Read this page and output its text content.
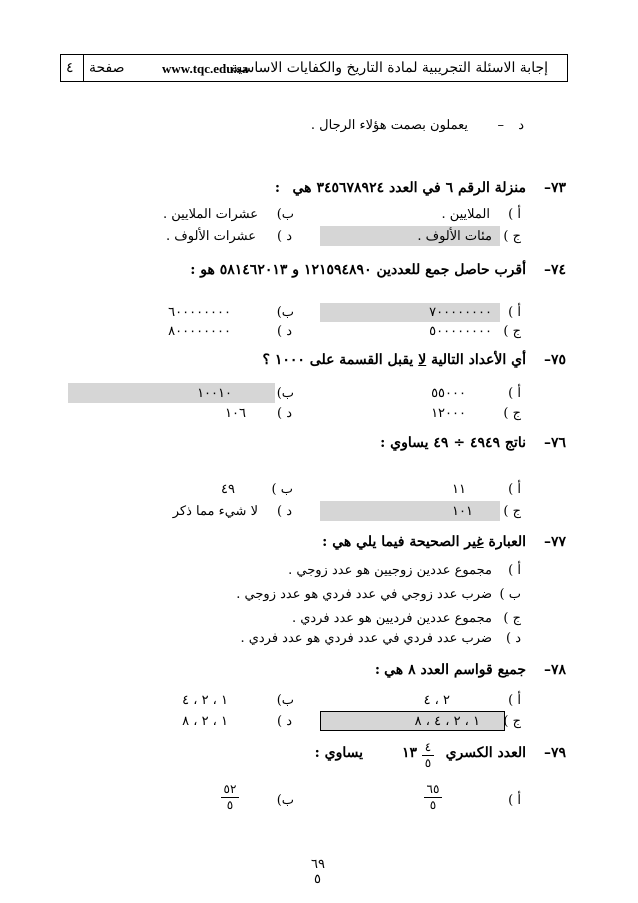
إجابة الاسئلة التجريبية لمادة التاريخ والكفايات الاساسية
www.tqc.edu.sa
صفحة
٤
د
–
يعملون بصمت هؤلاء الرجال .
٧٣–
منزلة الرقم ٦ في العدد ٣٤٥٦٧٨٩٢٤ هي
:
أ )
الملايين .
ب)
عشرات الملايين .
ج )
مئات الألوف .
د )
عشرات الألوف .
٧٤–
أقرب حاصل جمع للعددين ١٢١٥٩٤٨٩٠ و ٥٨١٤٦٢٠١٣ هو :
أ )
٧٠٠٠٠٠٠٠٠
ب)
٦٠٠٠٠٠٠٠٠
ج )
٥٠٠٠٠٠٠٠٠
د )
٨٠٠٠٠٠٠٠٠
٧٥–
أي الأعداد التالية لا يقبل القسمة على ١٠٠٠ ؟
أ )
٥٥٠٠٠
ب)
١٠٠١٠
ج )
١٢٠٠٠
د )
١٠٦
٧٦–
ناتج ٤٩٤٩ ÷ ٤٩ يساوي :
أ )
١١
ب )
٤٩
ج )
١٠١
د )
لا شيء مما ذكر
٧٧–
العبارة غير الصحيحة فيما يلي هي :
أ )
مجموع عددين زوجيين هو عدد زوجي .
ب )
ضرب عدد زوجي في عدد فردي هو عدد زوجي .
ج )
مجموع عددين فرديين هو عدد فردي .
د )
ضرب عدد فردي في عدد فردي هو عدد فردي .
٧٨–
جميع قواسم العدد ٨ هي
:
أ )
٢ ، ٤
ب)
١ ، ٢ ، ٤
ج )
١ ، ٢ ، ٤ ، ٨
د )
١ ، ٢ ، ٨
٧٩–
العدد الكسري
٤
٥
١٣
يساوي :
أ )
٦٥
٥
ب)
٥٢
٥
٦٩
٥
